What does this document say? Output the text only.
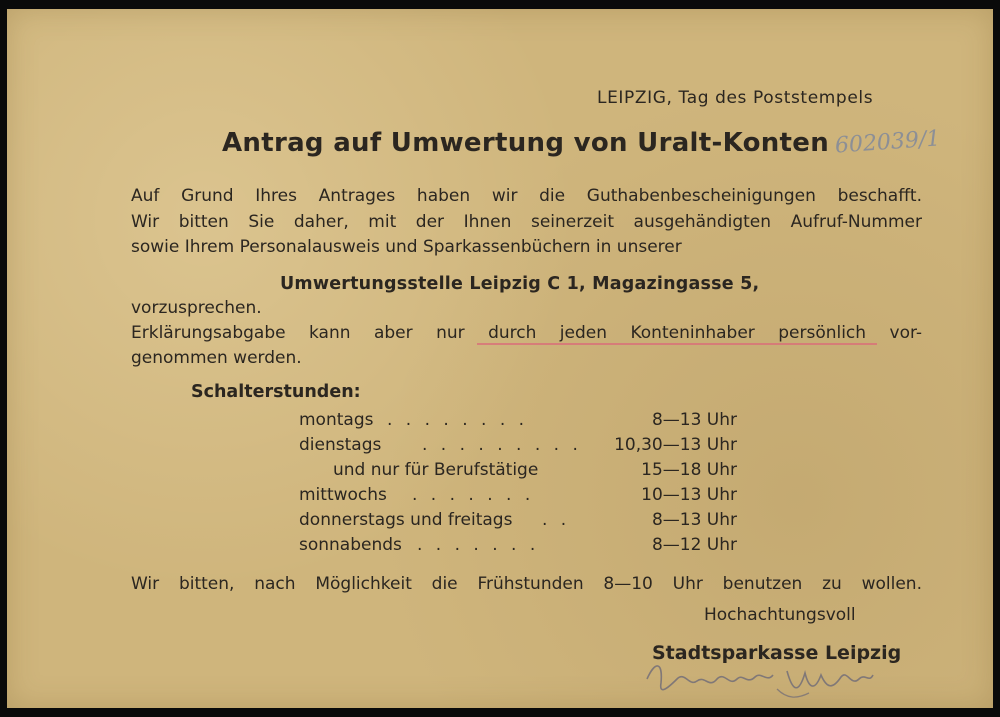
LEIPZIG, Tag des Poststempels
Antrag auf Umwertung von Uralt-Konten 602039/1
Auf Grund Ihres Antrages haben wir die Guthabenbescheinigungen beschafft.
Wir bitten Sie daher, mit der Ihnen seinerzeit ausgehändigten Aufruf-Nummer
sowie Ihrem Personalausweis und Sparkassenbüchern in unserer
Umwertungsstelle Leipzig C 1, Magazingasse 5,
vorzusprechen.
Erklärungsabgabe kann aber nur durch jeden Konteninhaber persönlich vor-
genommen werden.
Schalterstunden:
montags . . . . . . . .	8—13 Uhr
dienstags . . . . . . . . .	10,30—13 Uhr
und nur für Berufstätige	15—18 Uhr
mittwochs . . . . . . .	10—13 Uhr
donnerstags und freitags . .	8—13 Uhr
sonnabends . . . . . . .	8—12 Uhr
Wir bitten, nach Möglichkeit die Frühstunden 8—10 Uhr benutzen zu wollen.
Hochachtungsvoll
Stadtsparkasse Leipzig
